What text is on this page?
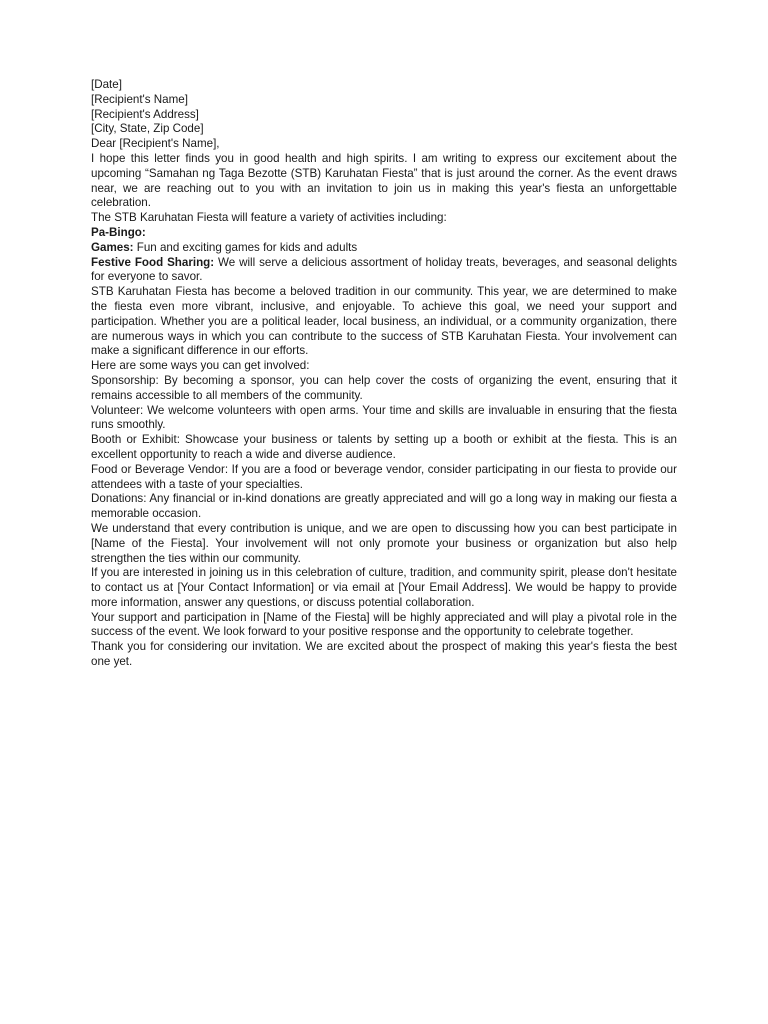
[Date]

[Recipient's Name]

[Recipient's Address]

[City, State, Zip Code]

Dear [Recipient's Name],

I hope this letter finds you in good health and high spirits. I am writing to express our excitement about the upcoming “Samahan ng Taga Bezotte (STB) Karuhatan Fiesta” that is just around the corner. As the event draws near, we are reaching out to you with an invitation to join us in making this year's fiesta an unforgettable celebration.

The STB Karuhatan Fiesta will feature a variety of activities including:

Pa-Bingo:

Games: Fun and exciting games for kids and adults

Festive Food Sharing: We will serve a delicious assortment of holiday treats, beverages, and seasonal delights for everyone to savor.

STB Karuhatan Fiesta has become a beloved tradition in our community. This year, we are determined to make the fiesta even more vibrant, inclusive, and enjoyable. To achieve this goal, we need your support and participation. Whether you are a political leader, local business, an individual, or a community organization, there are numerous ways in which you can contribute to the success of STB Karuhatan Fiesta. Your involvement can make a significant difference in our efforts.

Here are some ways you can get involved:

Sponsorship: By becoming a sponsor, you can help cover the costs of organizing the event, ensuring that it remains accessible to all members of the community.

Volunteer: We welcome volunteers with open arms. Your time and skills are invaluable in ensuring that the fiesta runs smoothly.

Booth or Exhibit: Showcase your business or talents by setting up a booth or exhibit at the fiesta. This is an excellent opportunity to reach a wide and diverse audience.

Food or Beverage Vendor: If you are a food or beverage vendor, consider participating in our fiesta to provide our attendees with a taste of your specialties.

Donations: Any financial or in-kind donations are greatly appreciated and will go a long way in making our fiesta a memorable occasion.

We understand that every contribution is unique, and we are open to discussing how you can best participate in [Name of the Fiesta]. Your involvement will not only promote your business or organization but also help strengthen the ties within our community.

If you are interested in joining us in this celebration of culture, tradition, and community spirit, please don't hesitate to contact us at [Your Contact Information] or via email at [Your Email Address]. We would be happy to provide more information, answer any questions, or discuss potential collaboration.

Your support and participation in [Name of the Fiesta] will be highly appreciated and will play a pivotal role in the success of the event. We look forward to your positive response and the opportunity to celebrate together.

Thank you for considering our invitation. We are excited about the prospect of making this year's fiesta the best one yet.
